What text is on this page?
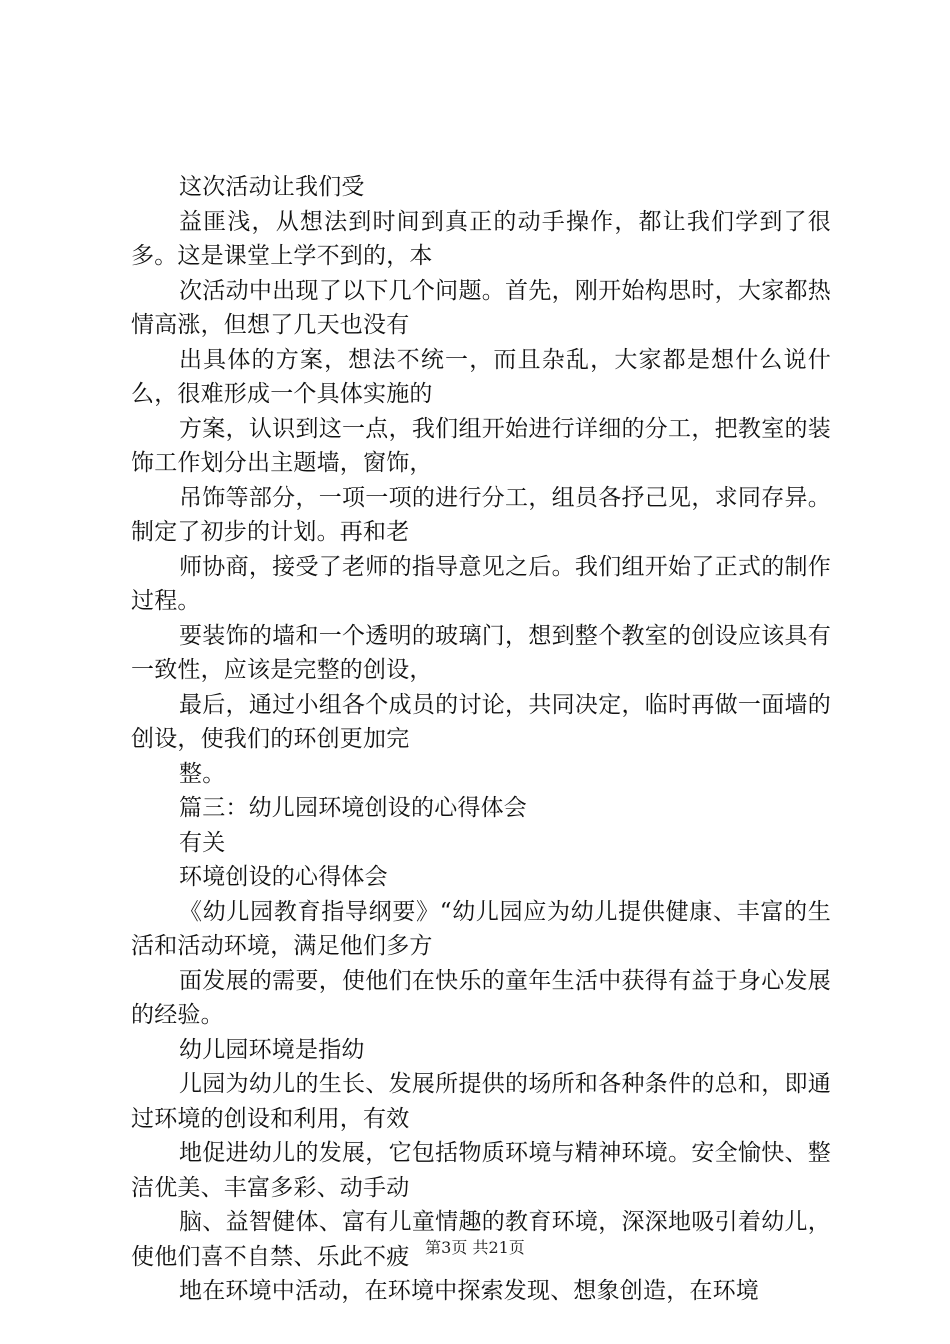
这次活动让我们受

益匪浅，从想法到时间到真正的动手操作，都让我们学到了很多。这是课堂上学不到的，本

次活动中出现了以下几个问题。首先，刚开始构思时，大家都热情高涨，但想了几天也没有

出具体的方案，想法不统一，而且杂乱，大家都是想什么说什么，很难形成一个具体实施的

方案，认识到这一点，我们组开始进行详细的分工，把教室的装饰工作划分出主题墙，窗饰，

吊饰等部分，一项一项的进行分工，组员各抒己见，求同存异。制定了初步的计划。再和老

师协商，接受了老师的指导意见之后。我们组开始了正式的制作过程。

要装饰的墙和一个透明的玻璃门，想到整个教室的创设应该具有一致性，应该是完整的创设，

最后，通过小组各个成员的讨论，共同决定，临时再做一面墙的创设，使我们的环创更加完

整。

篇三：幼儿园环境创设的心得体会

有关

环境创设的心得体会

《幼儿园教育指导纲要》“幼儿园应为幼儿提供健康、丰富的生活和活动环境，满足他们多方

面发展的需要，使他们在快乐的童年生活中获得有益于身心发展的经验。

幼儿园环境是指幼

儿园为幼儿的生长、发展所提供的场所和各种条件的总和，即通过环境的创设和利用，有效

地促进幼儿的发展，它包括物质环境与精神环境。安全愉快、整洁优美、丰富多彩、动手动

脑、益智健体、富有儿童情趣的教育环境，深深地吸引着幼儿，使他们喜不自禁、乐此不疲

地在环境中活动，在环境中探索发现、想象创造，在环境

第3页 共21页
